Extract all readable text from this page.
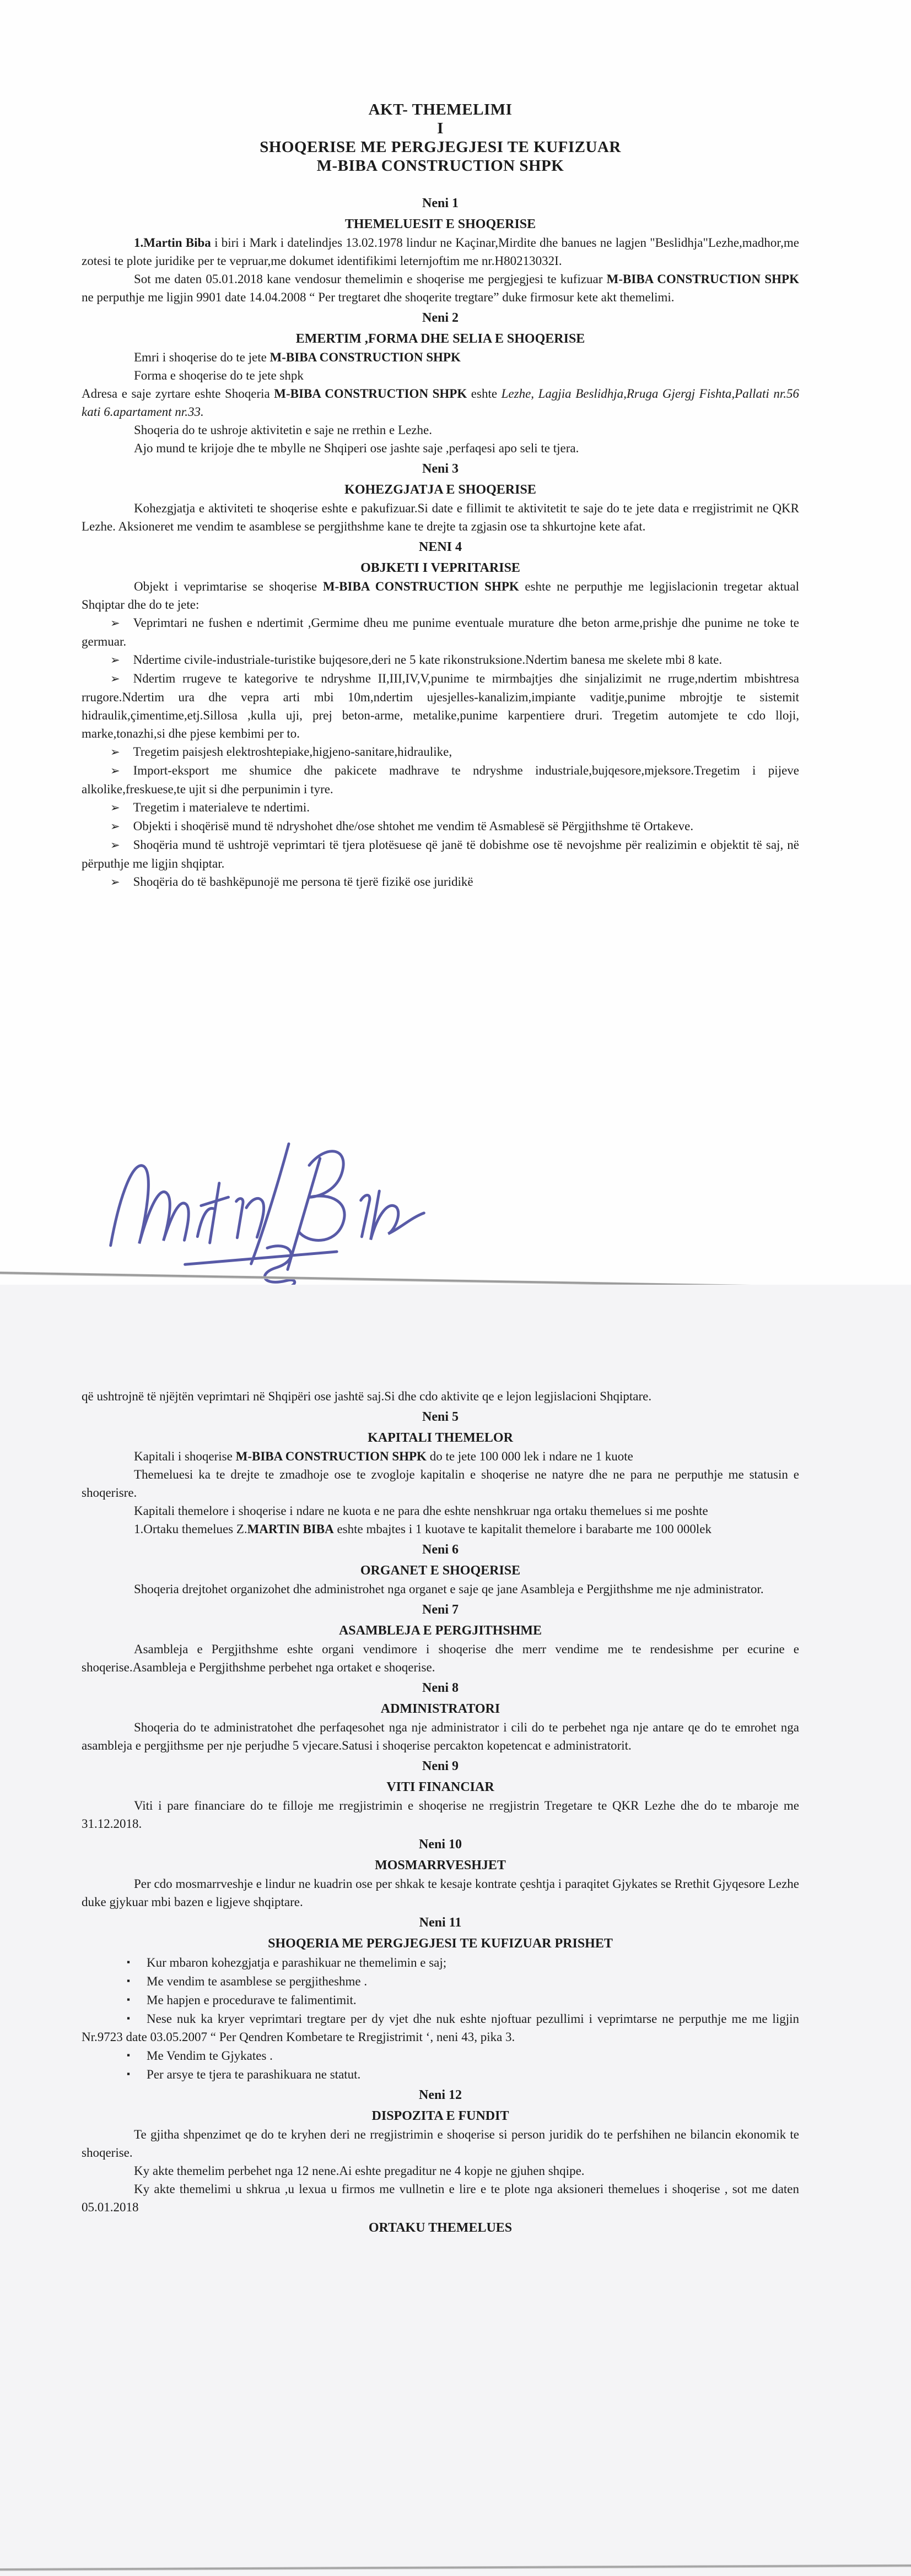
AKT- THEMELIMI
I
SHOQERISE ME PERGJEGJESI TE KUFIZUAR
M-BIBA CONSTRUCTION SHPK
Neni 1
THEMELUESIT E SHOQERISE
1.Martin Biba i biri i Mark i datelindjes 13.02.1978 lindur ne Kaçinar,Mirdite dhe banues ne lagjen "Beslidhja"Lezhe,madhor,me zotesi te plote juridike per te vepruar,me dokumet identifikimi leternjoftim me nr.H80213032I.
Sot me daten 05.01.2018 kane vendosur themelimin e shoqerise me pergjegjesi te kufizuar M-BIBA CONSTRUCTION SHPK ne perputhje me ligjin 9901 date 14.04.2008 “ Per tregtaret dhe shoqerite tregtare” duke firmosur kete akt themelimi.
Neni 2
EMERTIM ,FORMA DHE SELIA E SHOQERISE
Emri i shoqerise do te jete M-BIBA CONSTRUCTION SHPK
Forma e shoqerise do te jete shpk
Adresa e saje zyrtare eshte Shoqeria M-BIBA CONSTRUCTION SHPK eshte Lezhe, Lagjia Beslidhja,Rruga Gjergj Fishta,Pallati nr.56 kati 6.apartament nr.33.
Shoqeria do te ushroje aktivitetin e saje ne rrethin e Lezhe.
Ajo mund te krijoje dhe te mbylle ne Shqiperi ose jashte saje ,perfaqesi apo seli te tjera.
Neni 3
KOHEZGJATJA E SHOQERISE
Kohezgjatja e aktiviteti te shoqerise eshte e pakufizuar.Si date e fillimit te aktivitetit te saje do te jete data e rregjistrimit ne QKR Lezhe. Aksioneret me vendim te asamblese se pergjithshme kane te drejte ta zgjasin ose ta shkurtojne kete afat.
NENI 4
OBJKETI I VEPRITARISE
Objekt i veprimtarise se shoqerise M-BIBA CONSTRUCTION SHPK eshte ne perputhje me legjislacionin tregetar aktual Shqiptar dhe do te jete:
➢ Veprimtari ne fushen e ndertimit ,Germime dheu me punime eventuale murature dhe beton arme,prishje dhe punime ne toke te germuar.
➢ Ndertime civile-industriale-turistike bujqesore,deri ne 5 kate rikonstruksione.Ndertim banesa me skelete mbi 8 kate.
➢ Ndertim rrugeve te kategorive te ndryshme II,III,IV,V,punime te mirmbajtjes dhe sinjalizimit ne rruge,ndertim mbishtresa rrugore.Ndertim ura dhe vepra arti mbi 10m,ndertim ujesjelles-kanalizim,impiante vaditje,punime mbrojtje te sistemit hidraulik,çimentime,etj.Sillosa ,kulla uji, prej beton-arme, metalike,punime karpentiere druri. Tregetim automjete te cdo lloji, marke,tonazhi,si dhe pjese kembimi per to.
➢ Tregetim paisjesh elektroshtepiake,higjeno-sanitare,hidraulike,
➢ Import-eksport me shumice dhe pakicete madhrave te ndryshme industriale,bujqesore,mjeksore.Tregetim i pijeve alkolike,freskuese,te ujit si dhe perpunimin i tyre.
➢ Tregetim i materialeve te ndertimi.
➢ Objekti i shoqërisë mund të ndryshohet dhe/ose shtohet me vendim të Asmablesë së Përgjithshme të Ortakeve.
➢ Shoqëria mund të ushtrojë veprimtari të tjera plotësuese që janë të dobishme ose të nevojshme për realizimin e objektit të saj, në përputhje me ligjin shqiptar.
➢ Shoqëria do të bashkëpunojë me persona të tjerë fizikë ose juridikë
që ushtrojnë të njëjtën veprimtari në Shqipëri ose jashtë saj.Si dhe cdo aktivite qe e lejon legjislacioni Shqiptare.
Neni 5
KAPITALI THEMELOR
Kapitali i shoqerise M-BIBA CONSTRUCTION SHPK do te jete 100 000 lek i ndare ne 1 kuote
Themeluesi ka te drejte te zmadhoje ose te zvogloje kapitalin e shoqerise ne natyre dhe ne para ne perputhje me statusin e shoqerisre.
Kapitali themelore i shoqerise i ndare ne kuota e ne para dhe eshte nenshkruar nga ortaku themelues si me poshte
1.Ortaku themelues Z.MARTIN BIBA eshte mbajtes i 1 kuotave te kapitalit themelore i barabarte me 100 000lek
Neni 6
ORGANET E SHOQERISE
Shoqeria drejtohet organizohet dhe administrohet nga organet e saje qe jane Asambleja e Pergjithshme me nje administrator.
Neni 7
ASAMBLEJA E PERGJITHSHME
Asambleja e Pergjithshme eshte organi vendimore i shoqerise dhe merr vendime me te rendesishme per ecurine e shoqerise.Asambleja e Pergjithshme perbehet nga ortaket e shoqerise.
Neni 8
ADMINISTRATORI
Shoqeria do te administratohet dhe perfaqesohet nga nje administrator i cili do te perbehet nga nje antare qe do te emrohet nga asambleja e pergjithsme per nje perjudhe 5 vjecare.Satusi i shoqerise percakton kopetencat e administratorit.
Neni 9
VITI FINANCIAR
Viti i pare financiare do te filloje me rregjistrimin e shoqerise ne rregjistrin Tregetare te QKR Lezhe dhe do te mbaroje me 31.12.2018.
Neni 10
MOSMARRVESHJET
Per cdo mosmarrveshje e lindur ne kuadrin ose per shkak te kesaje kontrate çeshtja i paraqitet Gjykates se Rrethit Gjyqesore Lezhe duke gjykuar mbi bazen e ligjeve shqiptare.
Neni 11
SHOQERIA ME PERGJEGJESI TE KUFIZUAR PRISHET
▪ Kur mbaron kohezgjatja e parashikuar ne themelimin e saj;
▪ Me vendim te asamblese se pergjitheshme .
▪ Me hapjen e procedurave te falimentimit.
▪ Nese nuk ka kryer veprimtari tregtare per dy vjet dhe nuk eshte njoftuar pezullimi i veprimtarse ne perputhje me me ligjin Nr.9723 date 03.05.2007 “ Per Qendren Kombetare te Rregjistrimit ‘, neni 43, pika 3.
▪ Me Vendim te Gjykates .
▪ Per arsye te tjera te parashikuara ne statut.
Neni 12
DISPOZITA E FUNDIT
Te gjitha shpenzimet qe do te kryhen deri ne rregjistrimin e shoqerise si person juridik do te perfshihen ne bilancin ekonomik te shoqerise.
Ky akte themelim perbehet nga 12 nene.Ai eshte pregaditur ne 4 kopje ne gjuhen shqipe.
Ky akte themelimi u shkrua ,u lexua u firmos me vullnetin e lire e te plote nga aksioneri themelues i shoqerise , sot me daten 05.01.2018
ORTAKU THEMELUES
